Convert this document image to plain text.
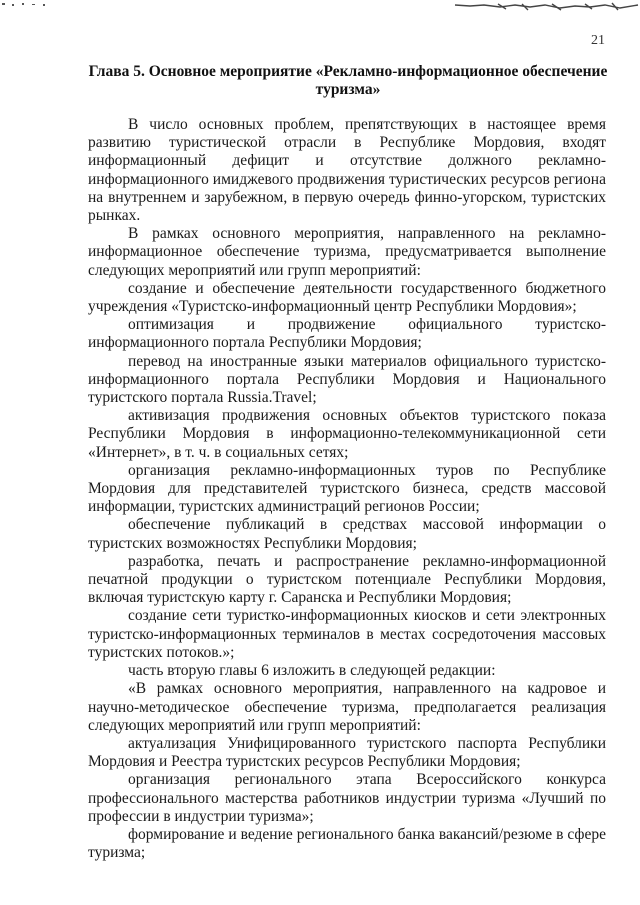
21
Глава 5. Основное мероприятие «Рекламно-информационное обеспечение туризма»

В число основных проблем, препятствующих в настоящее время развитию туристической отрасли в Республике Мордовия, входят информационный дефицит и отсутствие должного рекламно-информационного имиджевого продвижения туристических ресурсов региона на внутреннем и зарубежном, в первую очередь финно-угорском, туристских рынках.

В рамках основного мероприятия, направленного на рекламно-информационное обеспечение туризма, предусматривается выполнение следующих мероприятий или групп мероприятий:

создание и обеспечение деятельности государственного бюджетного учреждения «Туристско-информационный центр Республики Мордовия»;

оптимизация и продвижение официального туристско-информационного портала Республики Мордовия;

перевод на иностранные языки материалов официального туристско-информационного портала Республики Мордовия и Национального туристского портала Russia.Travel;

активизация продвижения основных объектов туристского показа Республики Мордовия в информационно-телекоммуникационной сети «Интернет», в т. ч. в социальных сетях;

организация рекламно-информационных туров по Республике Мордовия для представителей туристского бизнеса, средств массовой информации, туристских администраций регионов России;

обеспечение публикаций в средствах массовой информации о туристских возможностях Республики Мордовия;

разработка, печать и распространение рекламно-информационной печатной продукции о туристском потенциале Республики Мордовия, включая туристскую карту г. Саранска и Республики Мордовия;

создание сети туристко-информационных киосков и сети электронных туристско-информационных терминалов в местах сосредоточения массовых туристских потоков.»;

часть вторую главы 6 изложить в следующей редакции:

«В рамках основного мероприятия, направленного на кадровое и научно-методическое обеспечение туризма, предполагается реализация следующих мероприятий или групп мероприятий:

актуализация Унифицированного туристского паспорта Республики Мордовия и Реестра туристских ресурсов Республики Мордовия;

организация регионального этапа Всероссийского конкурса профессионального мастерства работников индустрии туризма «Лучший по профессии в индустрии туризма»;

формирование и ведение регионального банка вакансий/резюме в сфере туризма;
